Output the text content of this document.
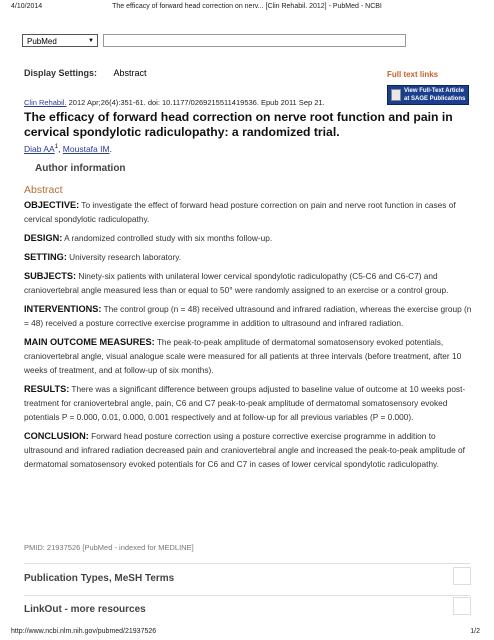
4/10/2014	The efficacy of forward head correction on nerv... [Clin Rehabil. 2012] - PubMed - NCBI
PubMed	▼
Display Settings: Abstract	Full text links
View Full-Text Article
at SAGE Publications
Clin Rehabil. 2012 Apr;26(4):351-61. doi: 10.1177/0269215511419536. Epub 2011 Sep 21.
The efficacy of forward head correction on nerve root function and pain in cervical spondylotic radiculopathy: a randomized trial.
Diab $AA^1$, Moustafa IM.
Author information
Abstract

OBJECTIVE: To investigate the effect of forward head posture correction on pain and nerve root function in cases of cervical spondylotic radiculopathy.

DESIGN: A randomized controlled study with six months follow-up.

SETTING: University research laboratory.

SUBJECTS: Ninety-six patients with unilateral lower cervical spondylotic radiculopathy (C5-C6 and C6-C7) and craniovertebral angle measured less than or equal to 50° were randomly assigned to an exercise or a control group.

INTERVENTIONS: The control group (n = 48) received ultrasound and infrared radiation, whereas the exercise group (n = 48) received a posture corrective exercise programme in addition to ultrasound and infrared radiation.

MAIN OUTCOME MEASURES: The peak-to-peak amplitude of dermatomal somatosensory evoked potentials, craniovertebral angle, visual analogue scale were measured for all patients at three intervals (before treatment, after 10 weeks of treatment, and at follow-up of six months).

RESULTS: There was a significant difference between groups adjusted to baseline value of outcome at 10 weeks post-treatment for craniovertebral angle, pain, C6 and C7 peak-to-peak amplitude of dermatomal somatosensory evoked potentials P = 0.000, 0.01, 0.000, 0.001 respectively and at follow-up for all previous variables (P = 0.000).

CONCLUSION: Forward head posture correction using a posture corrective exercise programme in addition to ultrasound and infrared radiation decreased pain and craniovertebral angle and increased the peak-to-peak amplitude of dermatomal somatosensory evoked potentials for C6 and C7 in cases of lower cervical spondylotic radiculopathy.

PMID: 21937526 [PubMed - indexed for MEDLINE]
Publication Types, MeSH Terms
LinkOut - more resources
http://www.ncbi.nlm.nih.gov/pubmed/21937526	1/2
